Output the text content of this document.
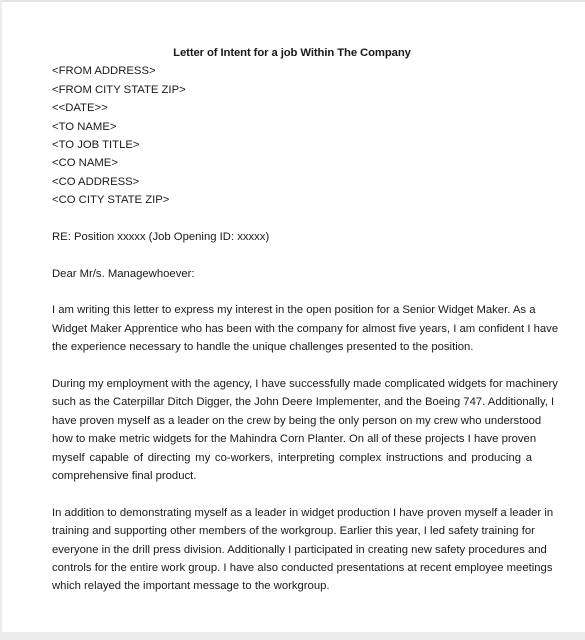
Letter of Intent for a job Within The Company
<FROM ADDRESS>
<FROM CITY STATE ZIP>
<<DATE>>
<TO NAME>
<TO JOB TITLE>
<CO NAME>
<CO ADDRESS>
<CO CITY STATE ZIP>
RE: Position xxxxx (Job Opening ID: xxxxx)
Dear Mr/s. Managewhoever:
I am writing this letter to express my interest in the open position for a Senior Widget Maker. As a
Widget Maker Apprentice who has been with the company for almost five years, I am confident I have
the experience necessary to handle the unique challenges presented to the position.
During my employment with the agency, I have successfully made complicated widgets for machinery
such as the Caterpillar Ditch Digger, the John Deere Implementer, and the Boeing 747. Additionally, I
have proven myself as a leader on the crew by being the only person on my crew who understood
how to make metric widgets for the Mahindra Corn Planter. On all of these projects I have proven
myself capable of directing my co-workers, interpreting complex instructions and producing a
comprehensive final product.
In addition to demonstrating myself as a leader in widget production I have proven myself a leader in
training and supporting other members of the workgroup. Earlier this year, I led safety training for
everyone in the drill press division. Additionally I participated in creating new safety procedures and
controls for the entire work group. I have also conducted presentations at recent employee meetings
which relayed the important message to the workgroup.
